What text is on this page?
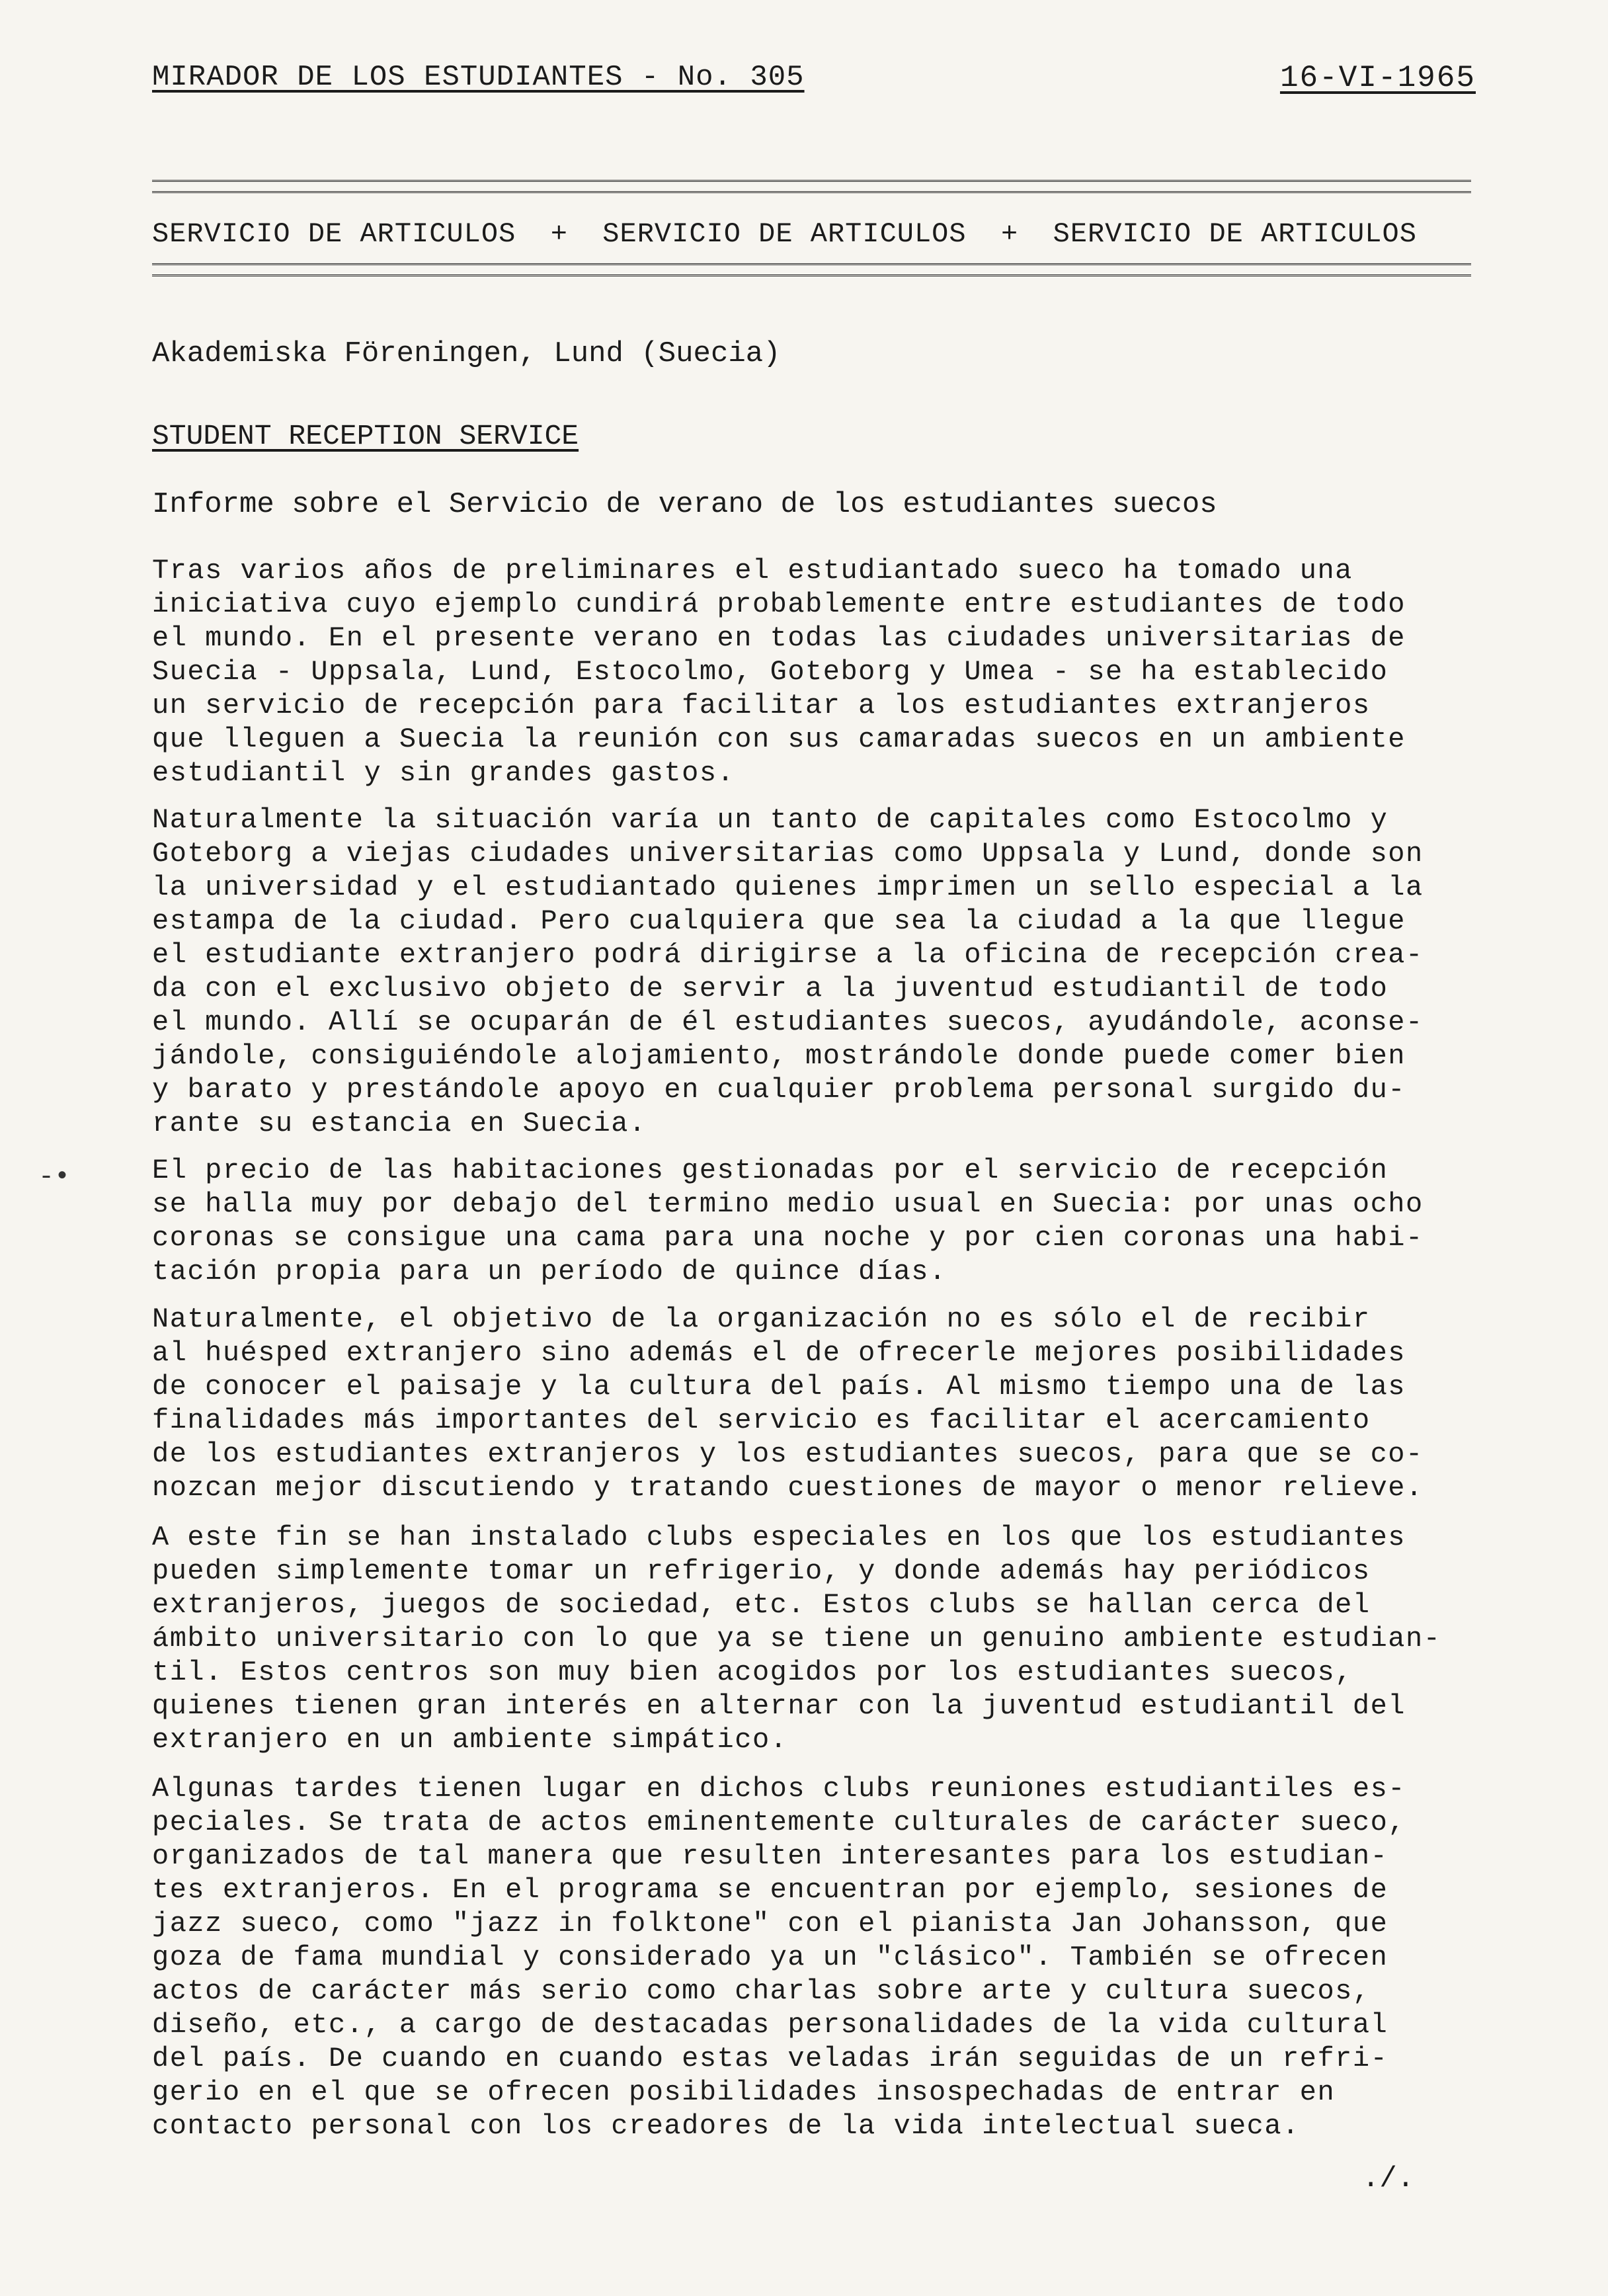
MIRADOR DE LOS ESTUDIANTES - No. 305	16-VI-1965
SERVICIO DE ARTICULOS  +  SERVICIO DE ARTICULOS  +  SERVICIO DE ARTICULOS
Akademiska Föreningen, Lund (Suecia)
STUDENT RECEPTION SERVICE
Informe sobre el Servicio de verano de los estudiantes suecos
Tras varios años de preliminares el estudiantado sueco ha tomado una
iniciativa cuyo ejemplo cundirá probablemente entre estudiantes de todo
el mundo. En el presente verano en todas las ciudades universitarias de
Suecia - Uppsala, Lund, Estocolmo, Goteborg y Umea - se ha establecido
un servicio de recepción para facilitar a los estudiantes extranjeros
que lleguen a Suecia la reunión con sus camaradas suecos en un ambiente
estudiantil y sin grandes gastos.
Naturalmente la situación varía un tanto de capitales como Estocolmo y
Goteborg a viejas ciudades universitarias como Uppsala y Lund, donde son
la universidad y el estudiantado quienes imprimen un sello especial a la
estampa de la ciudad. Pero cualquiera que sea la ciudad a la que llegue
el estudiante extranjero podrá dirigirse a la oficina de recepción crea-
da con el exclusivo objeto de servir a la juventud estudiantil de todo
el mundo. Allí se ocuparán de él estudiantes suecos, ayudándole, aconse-
jándole, consiguiéndole alojamiento, mostrándole donde puede comer bien
y barato y prestándole apoyo en cualquier problema personal surgido du-
rante su estancia en Suecia.
El precio de las habitaciones gestionadas por el servicio de recepción
se halla muy por debajo del termino medio usual en Suecia: por unas ocho
coronas se consigue una cama para una noche y por cien coronas una habi-
tación propia para un período de quince días.
Naturalmente, el objetivo de la organización no es sólo el de recibir
al huésped extranjero sino además el de ofrecerle mejores posibilidades
de conocer el paisaje y la cultura del país. Al mismo tiempo una de las
finalidades más importantes del servicio es facilitar el acercamiento
de los estudiantes extranjeros y los estudiantes suecos, para que se co-
nozcan mejor discutiendo y tratando cuestiones de mayor o menor relieve.
A este fin se han instalado clubs especiales en los que los estudiantes
pueden simplemente tomar un refrigerio, y donde además hay periódicos
extranjeros, juegos de sociedad, etc. Estos clubs se hallan cerca del
ámbito universitario con lo que ya se tiene un genuino ambiente estudian-
til. Estos centros son muy bien acogidos por los estudiantes suecos,
quienes tienen gran interés en alternar con la juventud estudiantil del
extranjero en un ambiente simpático.
Algunas tardes tienen lugar en dichos clubs reuniones estudiantiles es-
peciales. Se trata de actos eminentemente culturales de carácter sueco,
organizados de tal manera que resulten interesantes para los estudian-
tes extranjeros. En el programa se encuentran por ejemplo, sesiones de
jazz sueco, como "jazz in folktone" con el pianista Jan Johansson, que
goza de fama mundial y considerado ya un "clásico". También se ofrecen
actos de carácter más serio como charlas sobre arte y cultura suecos,
diseño, etc., a cargo de destacadas personalidades de la vida cultural
del país. De cuando en cuando estas veladas irán seguidas de un refri-
gerio en el que se ofrecen posibilidades insospechadas de entrar en
contacto personal con los creadores de la vida intelectual sueca.
./.
-•
